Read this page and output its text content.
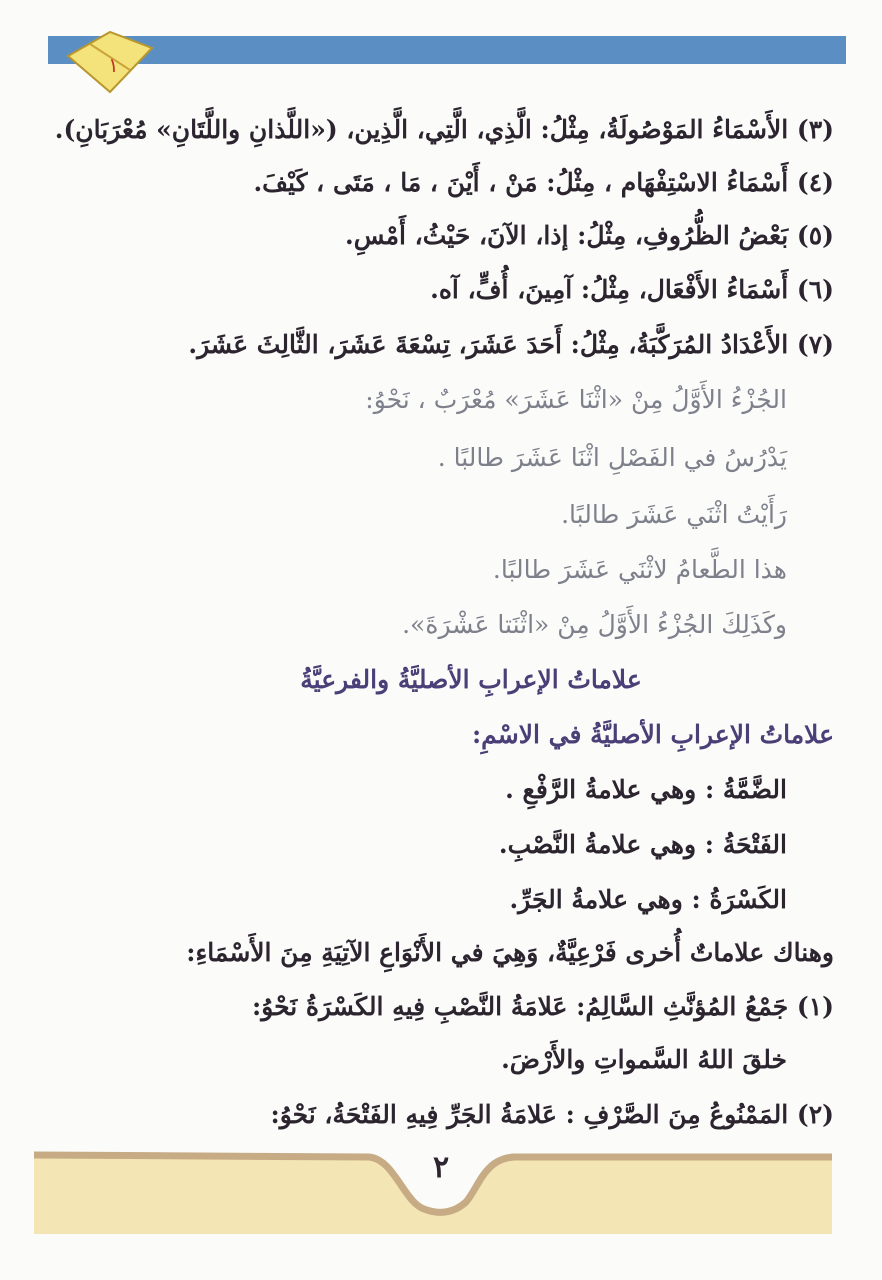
١
(٣) الأَسْمَاءُ المَوْصُولَةُ، مِثْلُ: الَّذِي، الَّتِي، الَّذِين، («اللَّذانِ واللَّتَانِ» مُعْرَبَانِ).
(٤) أَسْمَاءُ الاسْتِفْهَام ، مِثْلُ: مَنْ ، أَيْنَ ، مَا ، مَتَى ، كَيْفَ.
(٥) بَعْضُ الظُّرُوفِ، مِثْلُ: إذا، الآنَ، حَيْثُ، أَمْسِ.
(٦) أَسْمَاءُ الأَفْعَال، مِثْلُ: آمِينَ، أُفٍّ، آه.
(٧) الأَعْدَادُ المُرَكَّبَةُ، مِثْلُ: أَحَدَ عَشَرَ، تِسْعَةَ عَشَرَ، الثَّالِثَ عَشَرَ.
الجُزْءُ الأَوَّلُ مِنْ «اثْنَا عَشَرَ» مُعْرَبٌ ، نَحْوُ:
يَدْرُسُ في الفَصْلِ اثْنَا عَشَرَ طالبًا .
رَأَيْتُ اثْنَي عَشَرَ طالبًا.
هذا الطَّعامُ لاثْنَي عَشَرَ طالبًا.
وكَذَلِكَ الجُزْءُ الأَوَّلُ مِنْ «اثْنَتا عَشْرَةَ».
علاماتُ الإعرابِ الأصليَّةُ والفرعيَّةُ
علاماتُ الإعرابِ الأصليَّةُ في الاسْمِ:
الضَّمَّةُ : وهي علامةُ الرَّفْعِ .
الفَتْحَةُ : وهي علامةُ النَّصْبِ.
الكَسْرَةُ : وهي علامةُ الجَرِّ.
وهناك علاماتٌ أُخرى فَرْعِيَّةٌ، وَهِيَ في الأَنْوَاعِ الآتِيَةِ مِنَ الأَسْمَاءِ:
(١) جَمْعُ المُؤنَّثِ السَّالِمُ: عَلامَةُ النَّصْبِ فِيهِ الكَسْرَةُ نَحْوُ:
خلقَ اللهُ السَّمواتِ والأَرْضَ.
(٢) المَمْنُوعُ مِنَ الصَّرْفِ : عَلامَةُ الجَرِّ فِيهِ الفَتْحَةُ، نَحْوُ:
٢
